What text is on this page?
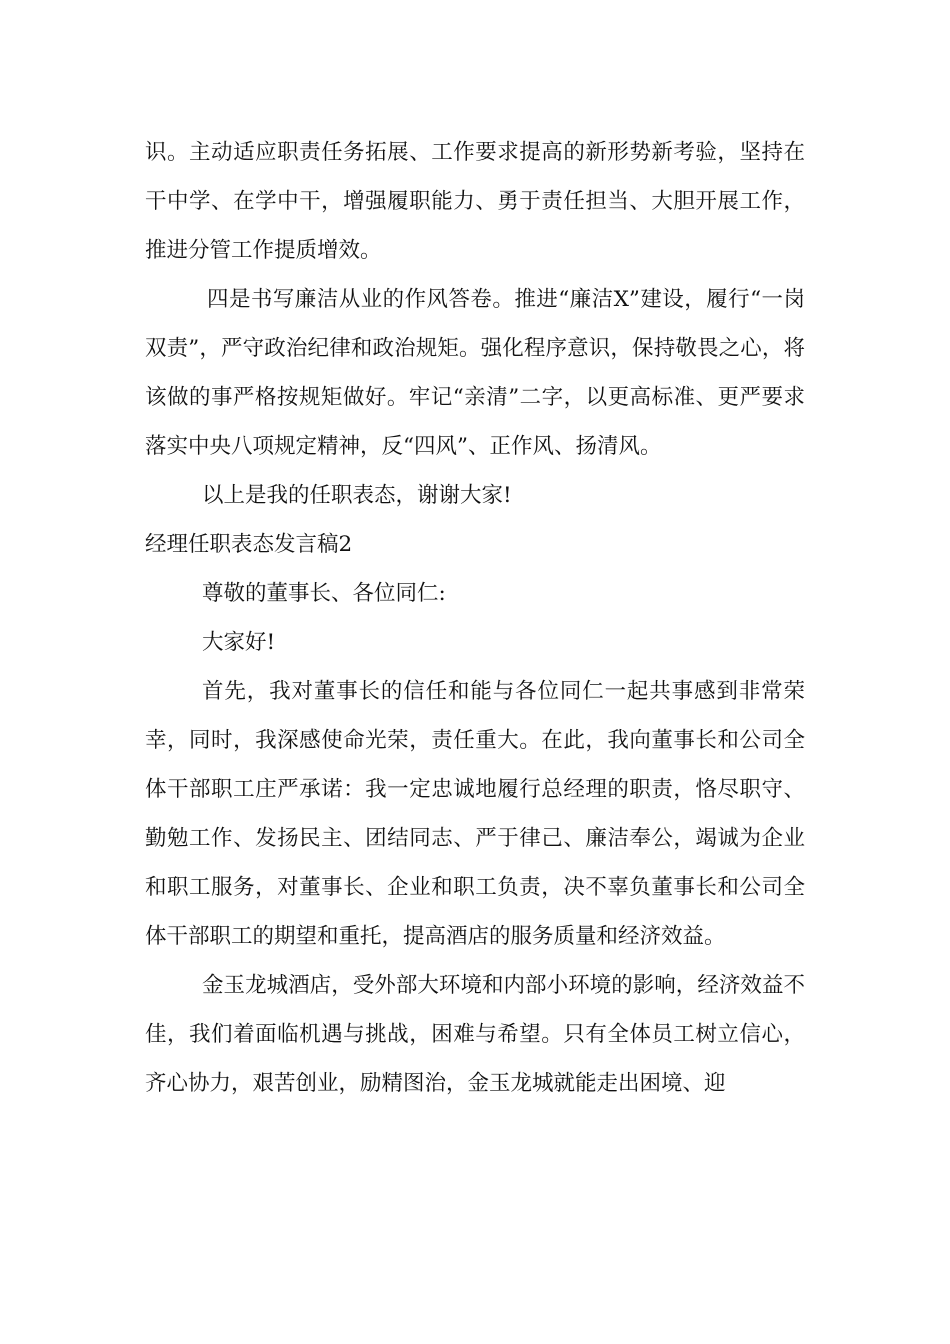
识。主动适应职责任务拓展、工作要求提高的新形势新考验，坚持在干中学、在学中干，增强履职能力、勇于责任担当、大胆开展工作，推进分管工作提质增效。

四是书写廉洁从业的作风答卷。推进“廉洁X”建设，履行“一岗双责”，严守政治纪律和政治规矩。强化程序意识，保持敬畏之心，将该做的事严格按规矩做好。牢记“亲清”二字，以更高标准、更严要求落实中央八项规定精神，反“四风”、正作风、扬清风。

以上是我的任职表态，谢谢大家!

经理任职表态发言稿2

尊敬的董事长、各位同仁:

大家好!

首先，我对董事长的信任和能与各位同仁一起共事感到非常荣幸，同时，我深感使命光荣，责任重大。在此，我向董事长和公司全体干部职工庄严承诺：我一定忠诚地履行总经理的职责，恪尽职守、勤勉工作、发扬民主、团结同志、严于律己、廉洁奉公，竭诚为企业和职工服务，对董事长、企业和职工负责，决不辜负董事长和公司全体干部职工的期望和重托，提高酒店的服务质量和经济效益。

金玉龙城酒店，受外部大环境和内部小环境的影响，经济效益不佳，我们着面临机遇与挑战，困难与希望。只有全体员工树立信心，齐心协力，艰苦创业，励精图治，金玉龙城就能走出困境、迎
